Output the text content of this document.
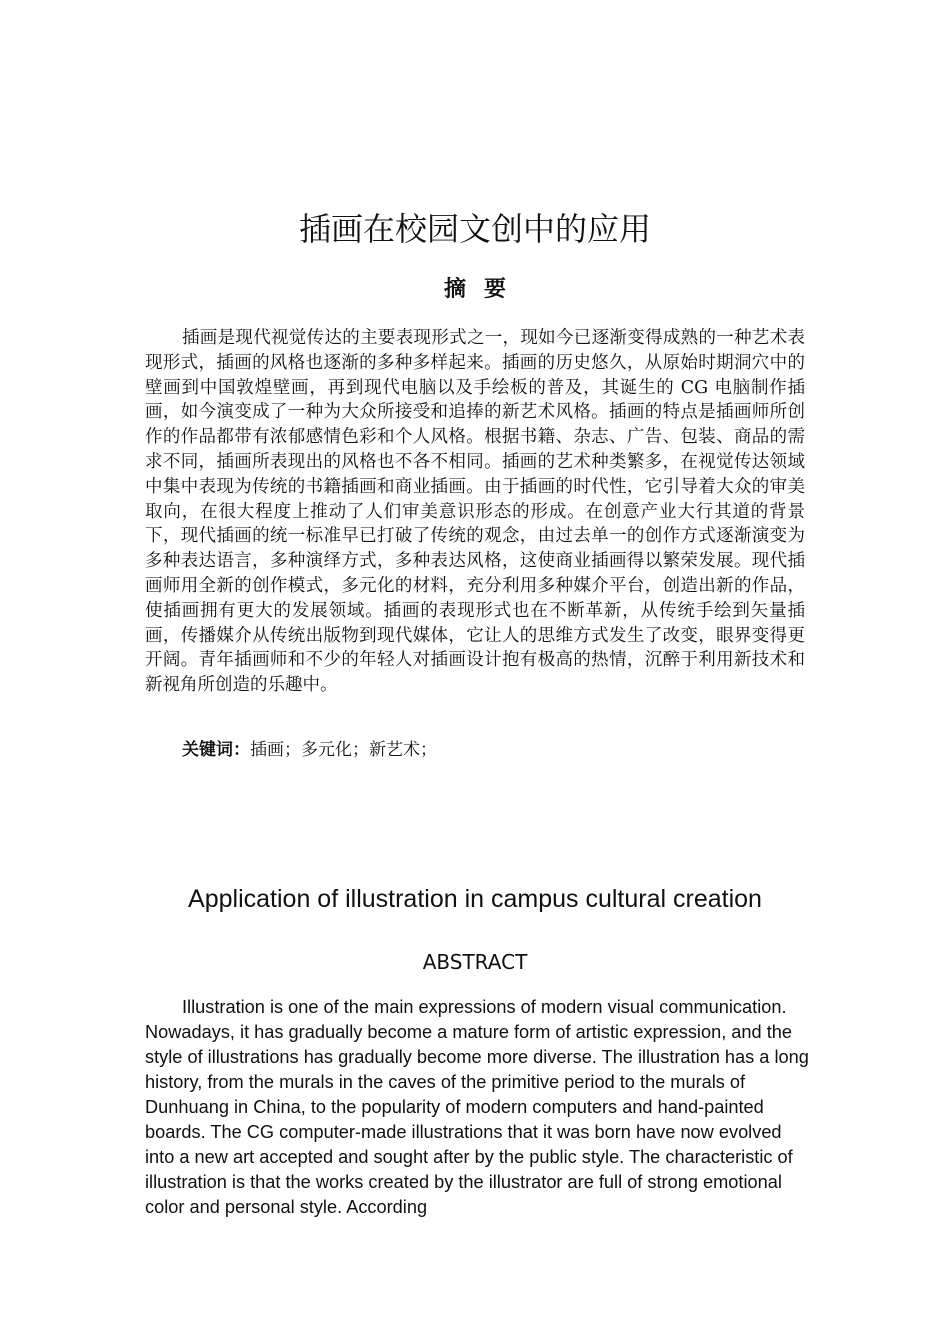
插画在校园文创中的应用
摘要

插画是现代视觉传达的主要表现形式之一，现如今已逐渐变得成熟的一种艺术表现形式，插画的风格也逐渐的多种多样起来。插画的历史悠久，从原始时期洞穴中的壁画到中国敦煌壁画，再到现代电脑以及手绘板的普及，其诞生的 CG 电脑制作插画，如今演变成了一种为大众所接受和追捧的新艺术风格。插画的特点是插画师所创作的作品都带有浓郁感情色彩和个人风格。根据书籍、杂志、广告、包装、商品的需求不同，插画所表现出的风格也不各不相同。插画的艺术种类繁多，在视觉传达领域中集中表现为传统的书籍插画和商业插画。由于插画的时代性，它引导着大众的审美取向，在很大程度上推动了人们审美意识形态的形成。在创意产业大行其道的背景下，现代插画的统一标准早已打破了传统的观念，由过去单一的创作方式逐渐演变为多种表达语言，多种演绎方式，多种表达风格，这使商业插画得以繁荣发展。现代插画师用全新的创作模式，多元化的材料，充分利用多种媒介平台，创造出新的作品，使插画拥有更大的发展领域。插画的表现形式也在不断革新，从传统手绘到矢量插画，传播媒介从传统出版物到现代媒体，它让人的思维方式发生了改变，眼界变得更开阔。青年插画师和不少的年轻人对插画设计抱有极高的热情，沉醉于利用新技术和新视角所创造的乐趣中。

关键词：插画；多元化；新艺术；

Application of illustration in campus cultural creation
ABSTRACT

Illustration is one of the main expressions of modern visual communication. Nowadays, it has gradually become a mature form of artistic expression, and the style of illustrations has gradually become more diverse. The illustration has a long history, from the murals in the caves of the primitive period to the murals of Dunhuang in China, to the popularity of modern computers and hand-painted boards. The CG computer-made illustrations that it was born have now evolved into a new art accepted and sought after by the public style. The characteristic of illustration is that the works created by the illustrator are full of strong emotional color and personal style. According
